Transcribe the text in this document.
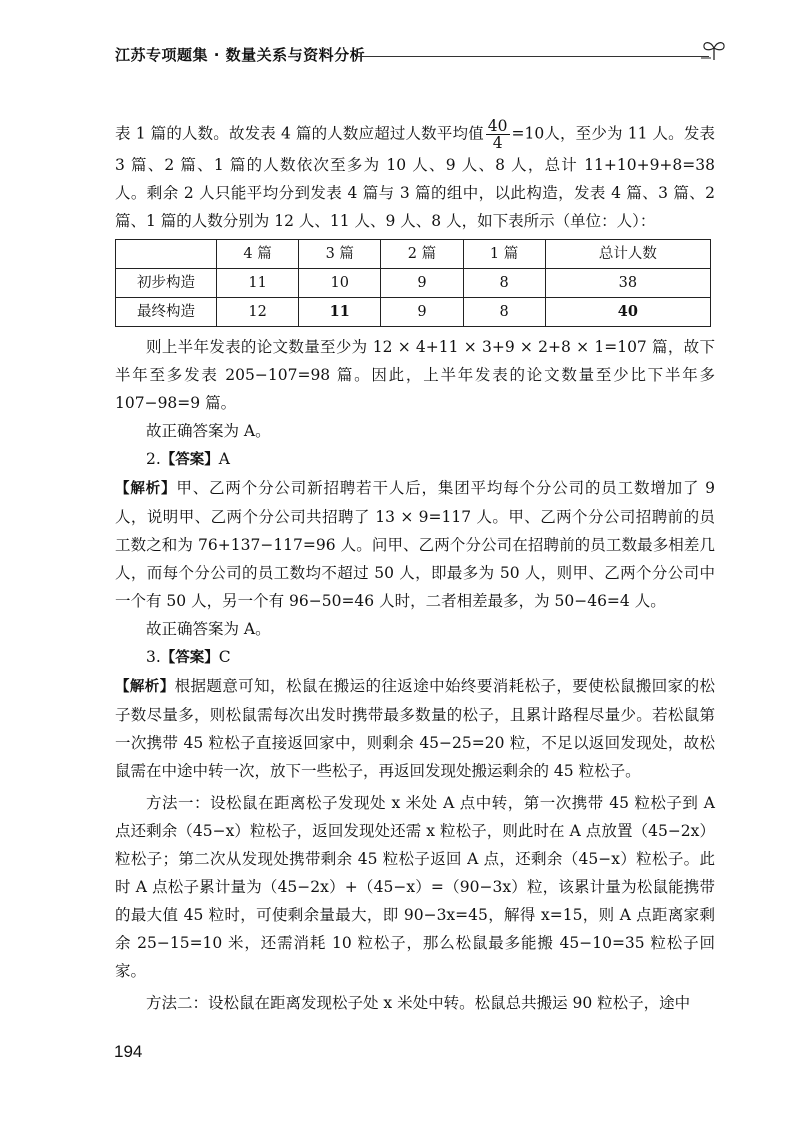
江苏专项题集 · 数量关系与资料分析

表 1 篇的人数。故发表 4 篇的人数应超过人数平均值 $\frac{40}{4} =10$人，至少为 11 人。发表 3 篇、2 篇、1 篇的人数依次至多为 10 人、9 人、8 人，总计 11+10+9+8=38 人。剩余 2 人只能平均分到发表 4 篇与 3 篇的组中，以此构造，发表 4 篇、3 篇、2 篇、1 篇的人数分别为 12 人、11 人、9 人、8 人，如下表所示（单位：人）：

	4 篇	3 篇	2 篇	1 篇	总计人数
初步构造	11	10	9	8	38
最终构造	12	11	9	8	40

则上半年发表的论文数量至少为 12 × 4+11 × 3+9 × 2+8 × 1=107 篇，故下半年至多发表 205−107=98 篇。因此，上半年发表的论文数量至少比下半年多 107−98=9 篇。

故正确答案为 A。

2.【答案】A

【解析】甲、乙两个分公司新招聘若干人后，集团平均每个分公司的员工数增加了 9 人，说明甲、乙两个分公司共招聘了 13 × 9=117 人。甲、乙两个分公司招聘前的员工数之和为 76+137−117=96 人。问甲、乙两个分公司在招聘前的员工数最多相差几人，而每个分公司的员工数均不超过 50 人，即最多为 50 人，则甲、乙两个分公司中一个有 50 人，另一个有 96−50=46 人时，二者相差最多，为 50−46=4 人。

故正确答案为 A。

3.【答案】C

【解析】根据题意可知，松鼠在搬运的往返途中始终要消耗松子，要使松鼠搬回家的松子数尽量多，则松鼠需每次出发时携带最多数量的松子，且累计路程尽量少。若松鼠第一次携带 45 粒松子直接返回家中，则剩余 45−25=20 粒，不足以返回发现处，故松鼠需在中途中转一次，放下一些松子，再返回发现处搬运剩余的 45 粒松子。

方法一：设松鼠在距离松子发现处 x 米处 A 点中转，第一次携带 45 粒松子到 A 点还剩余（45−x）粒松子，返回发现处还需 x 粒松子，则此时在 A 点放置（45−2x）粒松子；第二次从发现处携带剩余 45 粒松子返回 A 点，还剩余（45−x）粒松子。此时 A 点松子累计量为（45−2x）+（45−x）=（90−3x）粒，该累计量为松鼠能携带的最大值 45 粒时，可使剩余量最大，即 90−3x=45，解得 x=15，则 A 点距离家剩余 25−15=10 米，还需消耗 10 粒松子，那么松鼠最多能搬 45−10=35 粒松子回家。

方法二：设松鼠在距离发现松子处 x 米处中转。松鼠总共搬运 90 粒松子，途中

194
